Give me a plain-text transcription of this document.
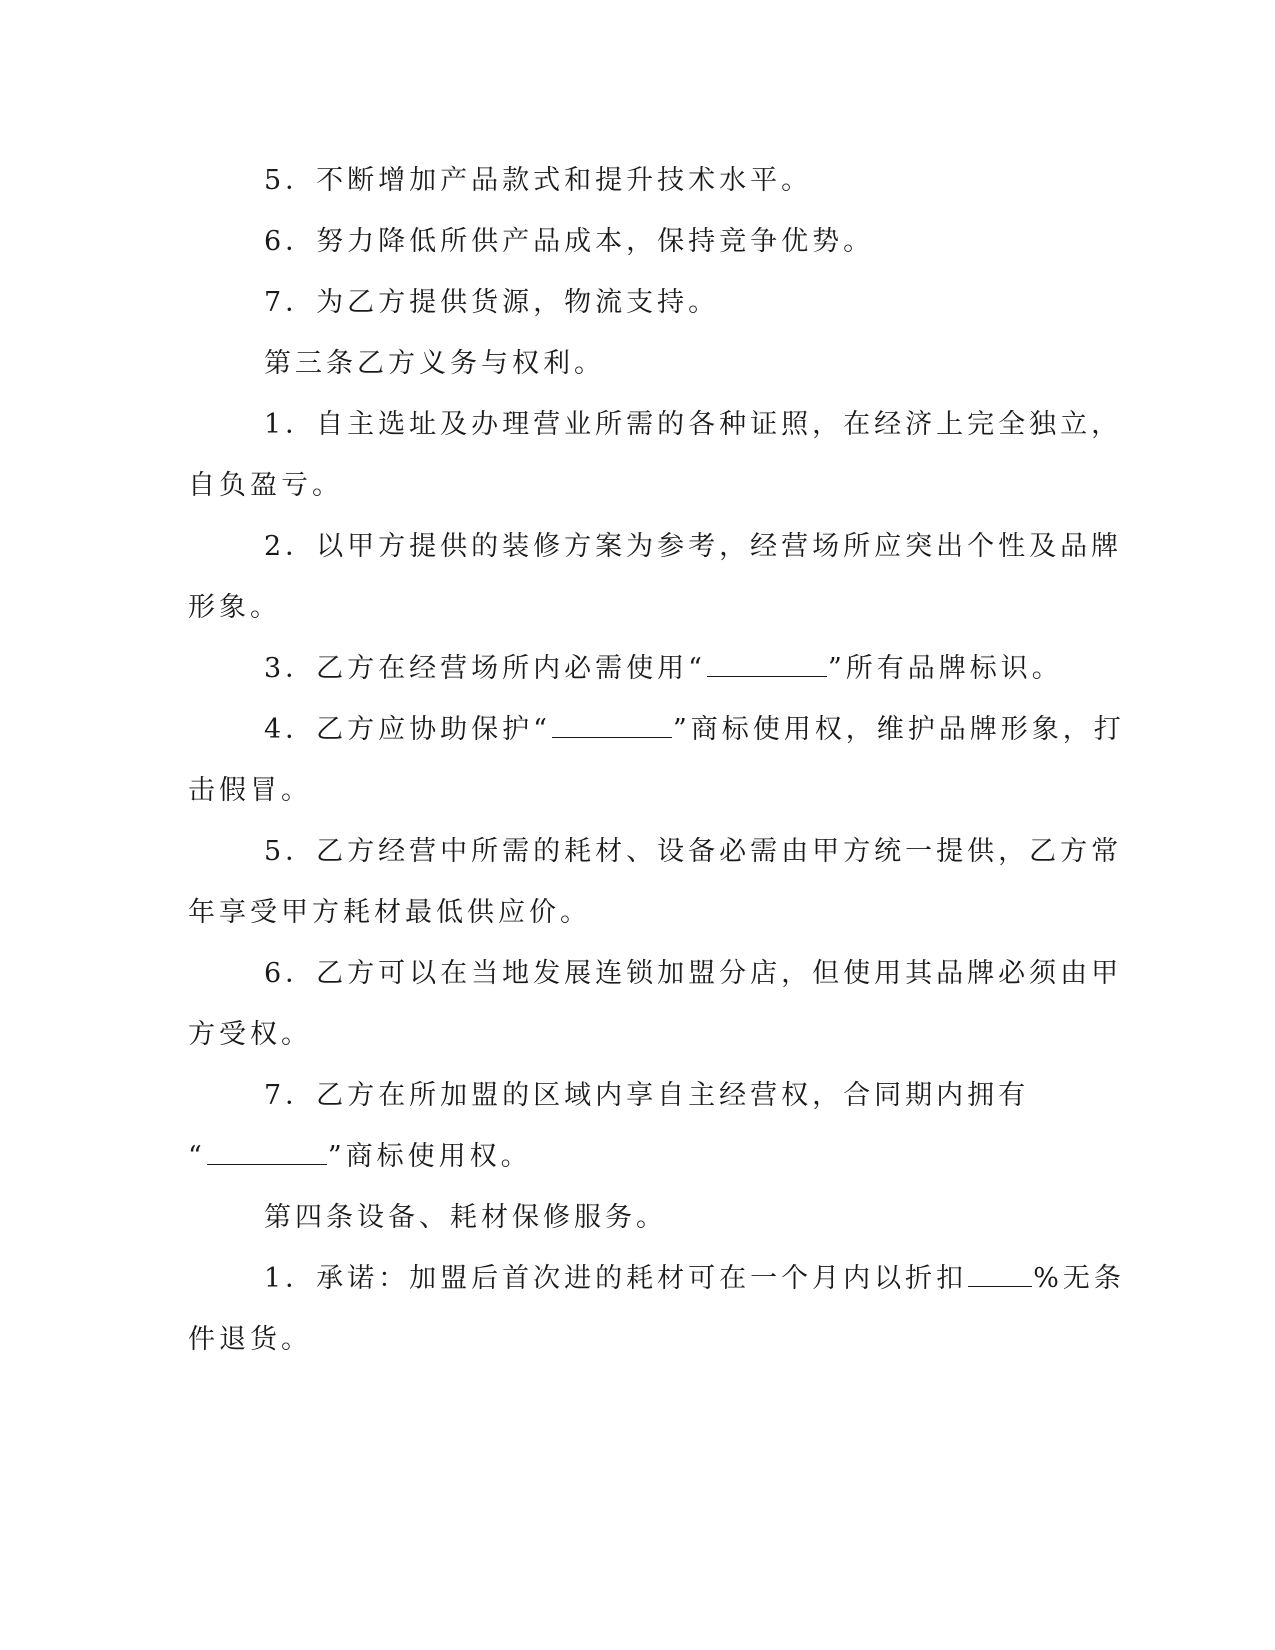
5．不断增加产品款式和提升技术水平。
6．努力降低所供产品成本，保持竞争优势。
7．为乙方提供货源，物流支持。
第三条乙方义务与权利。
1．自主选址及办理营业所需的各种证照，在经济上完全独立，
自负盈亏。
2．以甲方提供的装修方案为参考，经营场所应突出个性及品牌
形象。
3．乙方在经营场所内必需使用“	”所有品牌标识。
4．乙方应协助保护“	”商标使用权，维护品牌形象，打
击假冒。
5．乙方经营中所需的耗材、设备必需由甲方统一提供，乙方常
年享受甲方耗材最低供应价。
6．乙方可以在当地发展连锁加盟分店，但使用其品牌必须由甲
方受权。
7．乙方在所加盟的区域内享自主经营权，合同期内拥有
“	”商标使用权。
第四条设备、耗材保修服务。
1．承诺：加盟后首次进的耗材可在一个月内以折扣 %无条
件退货。
